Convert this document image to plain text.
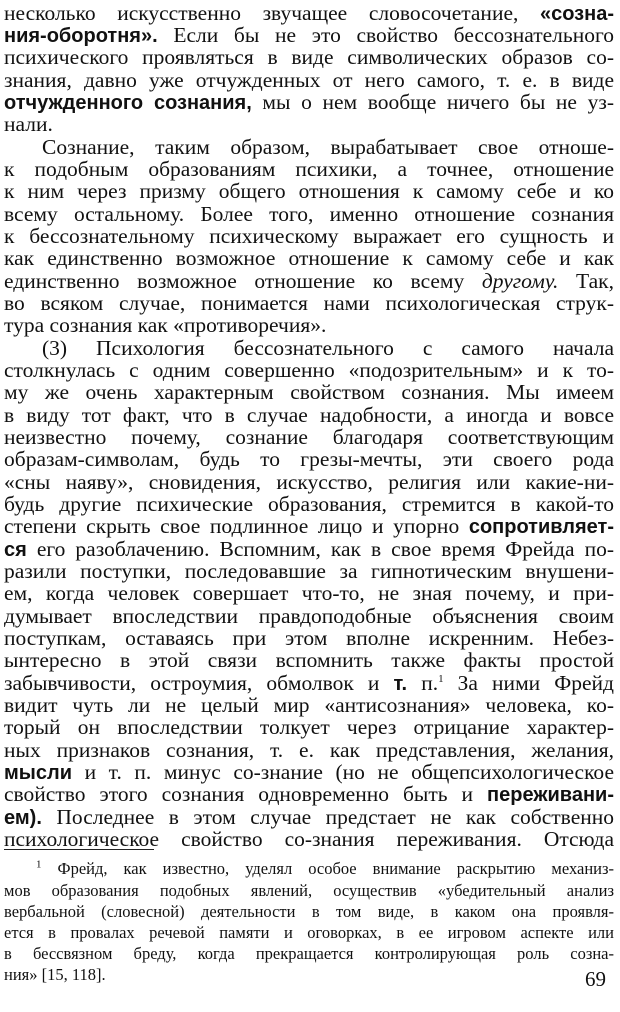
несколько искусственно звучащее словосочетание, «созна-
ния-оборотня». Если бы не это свойство бессознательного
психического проявляться в виде символических образов со-
знания, давно уже отчужденных от него самого, т. е. в виде
отчужденного сознания, мы о нем вообще ничего бы не уз-
нали.
Сознание, таким образом, вырабатывает свое отноше-
к подобным образованиям психики, а точнее, отношение
к ним через призму общего отношения к самому себе и ко
всему остальному. Более того, именно отношение сознания
к бессознательному психическому выражает его сущность и
как единственно возможное отношение к самому себе и как
единственно возможное отношение ко всему другому. Так,
во всяком случае, понимается нами психологическая струк-
тура сознания как «противоречия».
(3) Психология бессознательного с самого начала
столкнулась с одним совершенно «подозрительным» и к то-
му же очень характерным свойством сознания. Мы имеем
в виду тот факт, что в случае надобности, а иногда и вовсе
неизвестно почему, сознание благодаря соответствующим
образам-символам, будь то грезы-мечты, эти своего рода
«сны наяву», сновидения, искусство, религия или какие-ни-
будь другие психические образования, стремится в какой-то
степени скрыть свое подлинное лицо и упорно сопротивляет-
ся его разоблачению. Вспомним, как в свое время Фрейда по-
разили поступки, последовавшие за гипнотическим внушени-
ем, когда человек совершает что-то, не зная почему, и при-
думывает впоследствии правдоподобные объяснения своим
поступкам, оставаясь при этом вполне искренним. Небез-
ынтересно в этой связи вспомнить также факты простой
забывчивости, остроумия, обмолвок и т. п.$^1$ За ними Фрейд
видит чуть ли не целый мир «антисознания» человека, ко-
торый он впоследствии толкует через отрицание характер-
ных признаков сознания, т. е. как представления, желания,
мысли и т. п. минус со-знание (но не общепсихологическое
свойство этого сознания одновременно быть и переживани-
ем). Последнее в этом случае предстает не как собственно
психологическое свойство со-знания переживания. Отсюда
$^1$ Фрейд, как известно, уделял особое внимание раскрытию механиз-
мов образования подобных явлений, осуществив «убедительный анализ
вербальной (словесной) деятельности в том виде, в каком она проявля-
ется в провалах речевой памяти и оговорках, в ее игровом аспекте или
в бессвязном бреду, когда прекращается контролирующая роль созна-
ния» [15, 118].	69
